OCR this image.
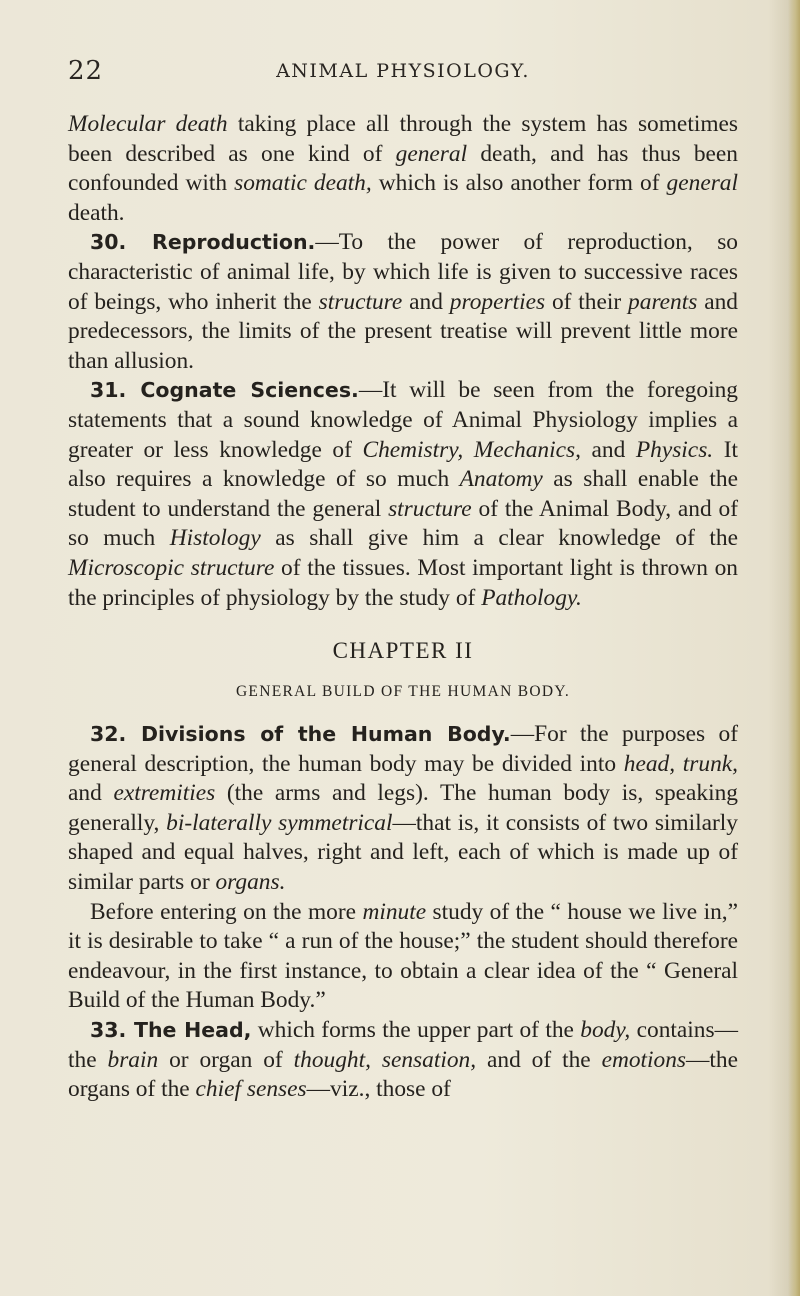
22	ANIMAL PHYSIOLOGY.

Molecular death taking place all through the system has sometimes been described as one kind of general death, and has thus been confounded with somatic death, which is also another form of general death.

30. Reproduction.—To the power of reproduction, so characteristic of animal life, by which life is given to successive races of beings, who inherit the structure and properties of their parents and predecessors, the limits of the present treatise will prevent little more than allusion.

31. Cognate Sciences.—It will be seen from the foregoing statements that a sound knowledge of Animal Physiology implies a greater or less knowledge of Chemistry, Mechanics, and Physics. It also requires a knowledge of so much Anatomy as shall enable the student to understand the general structure of the Animal Body, and of so much Histology as shall give him a clear knowledge of the Microscopic structure of the tissues. Most important light is thrown on the principles of physiology by the study of Pathology.

CHAPTER II
GENERAL BUILD OF THE HUMAN BODY.

32. Divisions of the Human Body.—For the purposes of general description, the human body may be divided into head, trunk, and extremities (the arms and legs). The human body is, speaking generally, bi-laterally symmetrical—that is, it consists of two similarly shaped and equal halves, right and left, each of which is made up of similar parts or organs.

Before entering on the more minute study of the “ house we live in,” it is desirable to take “ a run of the house;” the student should therefore endeavour, in the first instance, to obtain a clear idea of the “ General Build of the Human Body.”

33. The Head, which forms the upper part of the body, contains—the brain or organ of thought, sensation, and of the emotions—the organs of the chief senses—viz., those of
